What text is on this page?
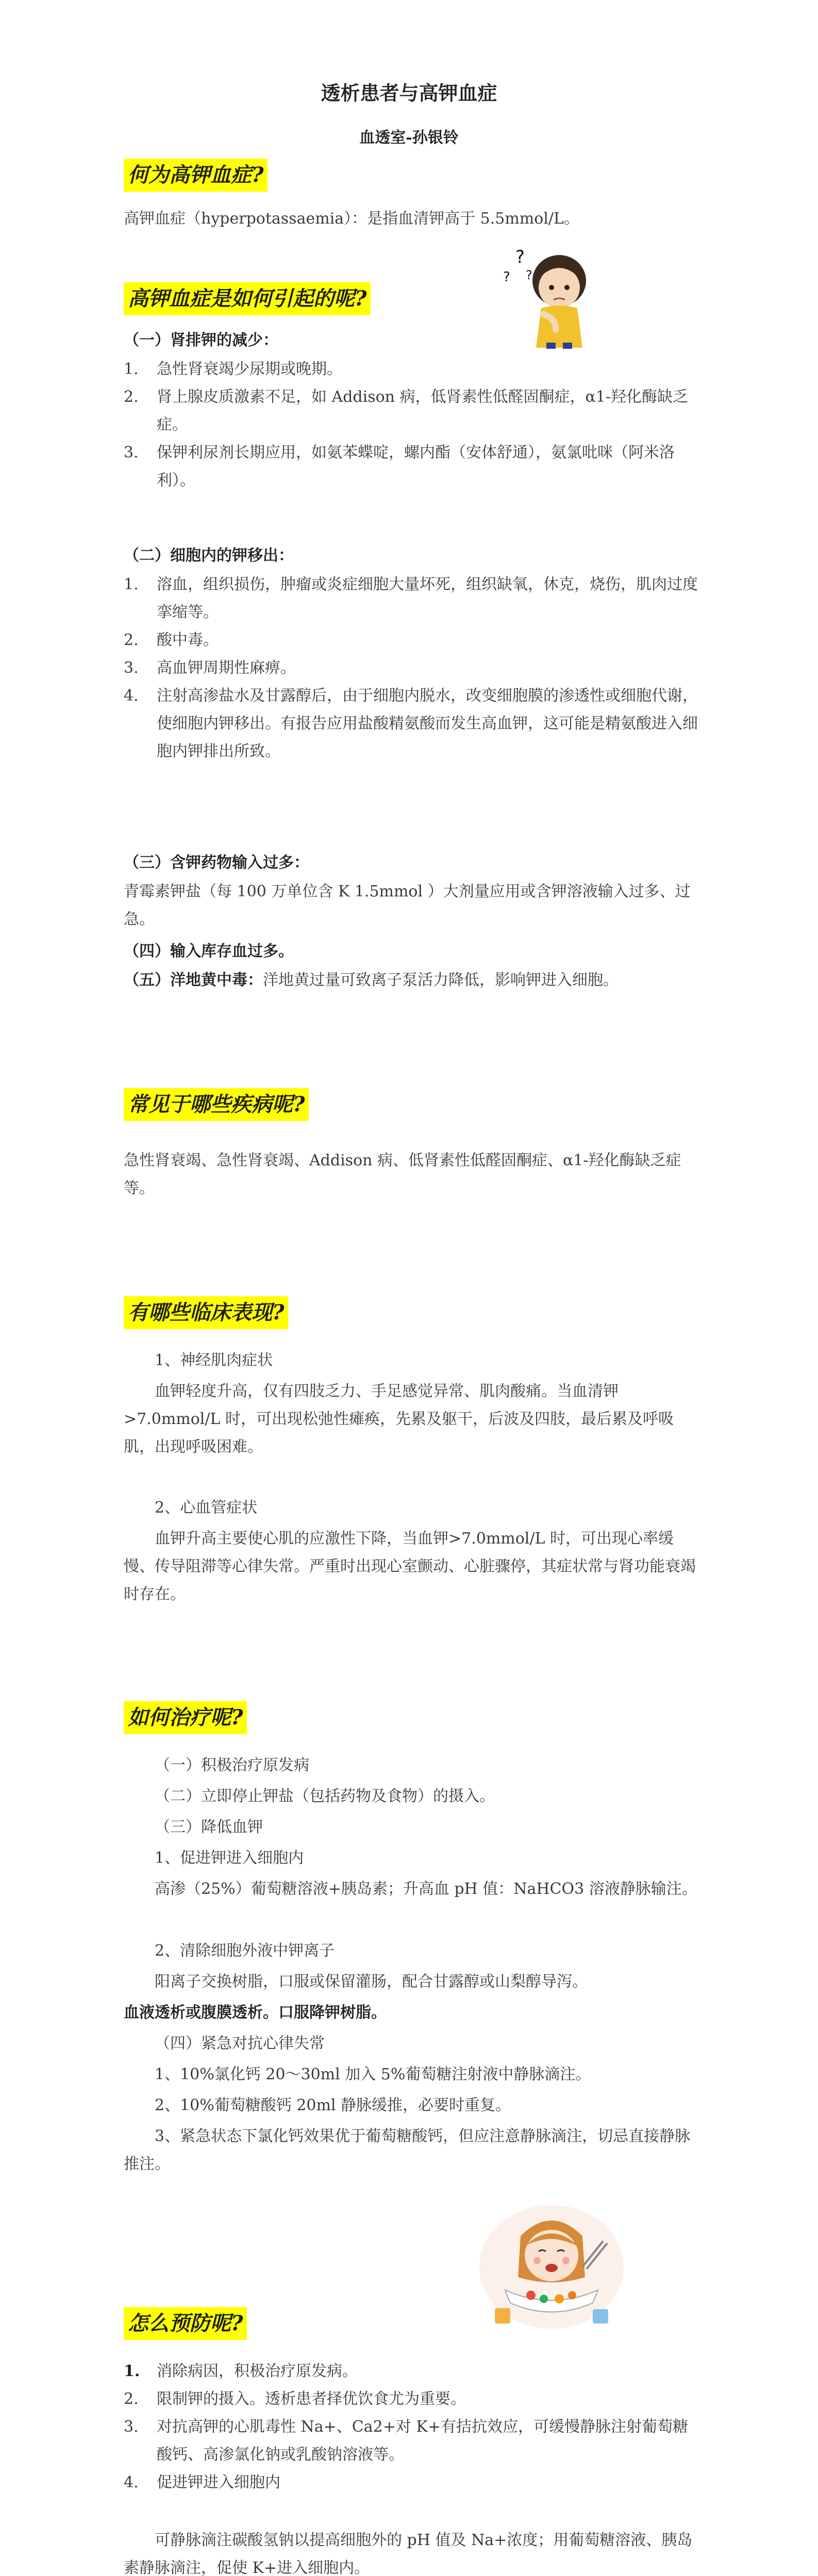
透析患者与高钾血症
血透室-孙银铃
何为高钾血症?
高钾血症（hyperpotassaemia）：是指血清钾高于 5.5mmol/L。
高钾血症是如何引起的呢?
?
? ?
（一）肾排钾的减少：
1.	急性肾衰竭少尿期或晚期。
2.	肾上腺皮质激素不足，如 Addison 病，低肾素性低醛固酮症，α1-羟化酶缺乏症。
3.	保钾利尿剂长期应用，如氨苯蝶啶，螺内酯（安体舒通），氨氯吡咪（阿米洛利）。
（二）细胞内的钾移出：
1.	溶血，组织损伤，肿瘤或炎症细胞大量坏死，组织缺氧，休克，烧伤，肌肉过度挛缩等。
2.	酸中毒。
3.	高血钾周期性麻痹。
4.	注射高渗盐水及甘露醇后，由于细胞内脱水，改变细胞膜的渗透性或细胞代谢，使细胞内钾移出。有报告应用盐酸精氨酸而发生高血钾，这可能是精氨酸进入细胞内钾排出所致。
（三）含钾药物输入过多：
青霉素钾盐（每 100 万单位含 K 1.5mmol ）大剂量应用或含钾溶液输入过多、过急。
（四）输入库存血过多。
（五）洋地黄中毒：洋地黄过量可致离子泵活力降低，影响钾进入细胞。
常见于哪些疾病呢?
急性肾衰竭、急性肾衰竭、Addison 病、低肾素性低醛固酮症、α1-羟化酶缺乏症等。
有哪些临床表现?
1、神经肌肉症状
血钾轻度升高，仅有四肢乏力、手足感觉异常、肌肉酸痛。当血清钾>7.0mmol/L 时，可出现松弛性瘫痪，先累及躯干，后波及四肢，最后累及呼吸肌，出现呼吸困难。
2、心血管症状
血钾升高主要使心肌的应激性下降，当血钾>7.0mmol/L 时，可出现心率缓慢、传导阻滞等心律失常。严重时出现心室颤动、心脏骤停，其症状常与肾功能衰竭时存在。
如何治疗呢?
（一）积极治疗原发病
（二）立即停止钾盐（包括药物及食物）的摄入。
（三）降低血钾
1、促进钾进入细胞内
高渗（25%）葡萄糖溶液+胰岛素；升高血 pH 值：NaHCO3 溶液静脉输注。
2、清除细胞外液中钾离子
阳离子交换树脂，口服或保留灌肠，配合甘露醇或山梨醇导泻。
血液透析或腹膜透析。口服降钾树脂。
（四）紧急对抗心律失常
1、10%氯化钙 20～30ml 加入 5%葡萄糖注射液中静脉滴注。
2、10%葡萄糖酸钙 20ml 静脉缓推，必要时重复。
3、紧急状态下氯化钙效果优于葡萄糖酸钙，但应注意静脉滴注，切忌直接静脉推注。
怎么预防呢?
1.	消除病因，积极治疗原发病。
2.	限制钾的摄入。透析患者择优饮食尤为重要。
3.	对抗高钾的心肌毒性 Na+、Ca2+对 K+有拮抗效应，可缓慢静脉注射葡萄糖酸钙、高渗氯化钠或乳酸钠溶液等。
4.	促进钾进入细胞内
可静脉滴注碳酸氢钠以提高细胞外的 pH 值及 Na+浓度；用葡萄糖溶液、胰岛素静脉滴注，促使 K+进入细胞内。
